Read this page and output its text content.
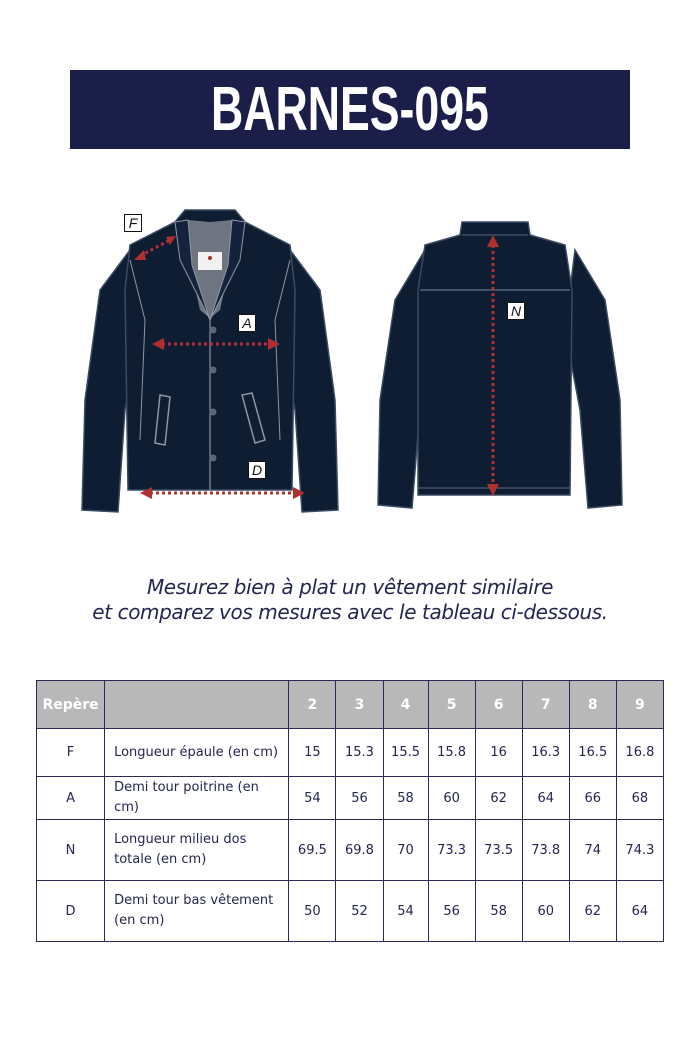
BARNES-095
F
A
D
N
Mesurez bien à plat un vêtement similaire
et comparez vos mesures avec le tableau ci-dessous.
Repère		2	3	4	5	6	7	8	9
F	Longueur épaule (en cm)	15	15.3	15.5	15.8	16	16.3	16.5	16.8
A	Demi tour poitrine (en cm)	54	56	58	60	62	64	66	68
N	Longueur milieu dos totale (en cm)	69.5	69.8	70	73.3	73.5	73.8	74	74.3
D	Demi tour bas vêtement (en cm)	50	52	54	56	58	60	62	64
